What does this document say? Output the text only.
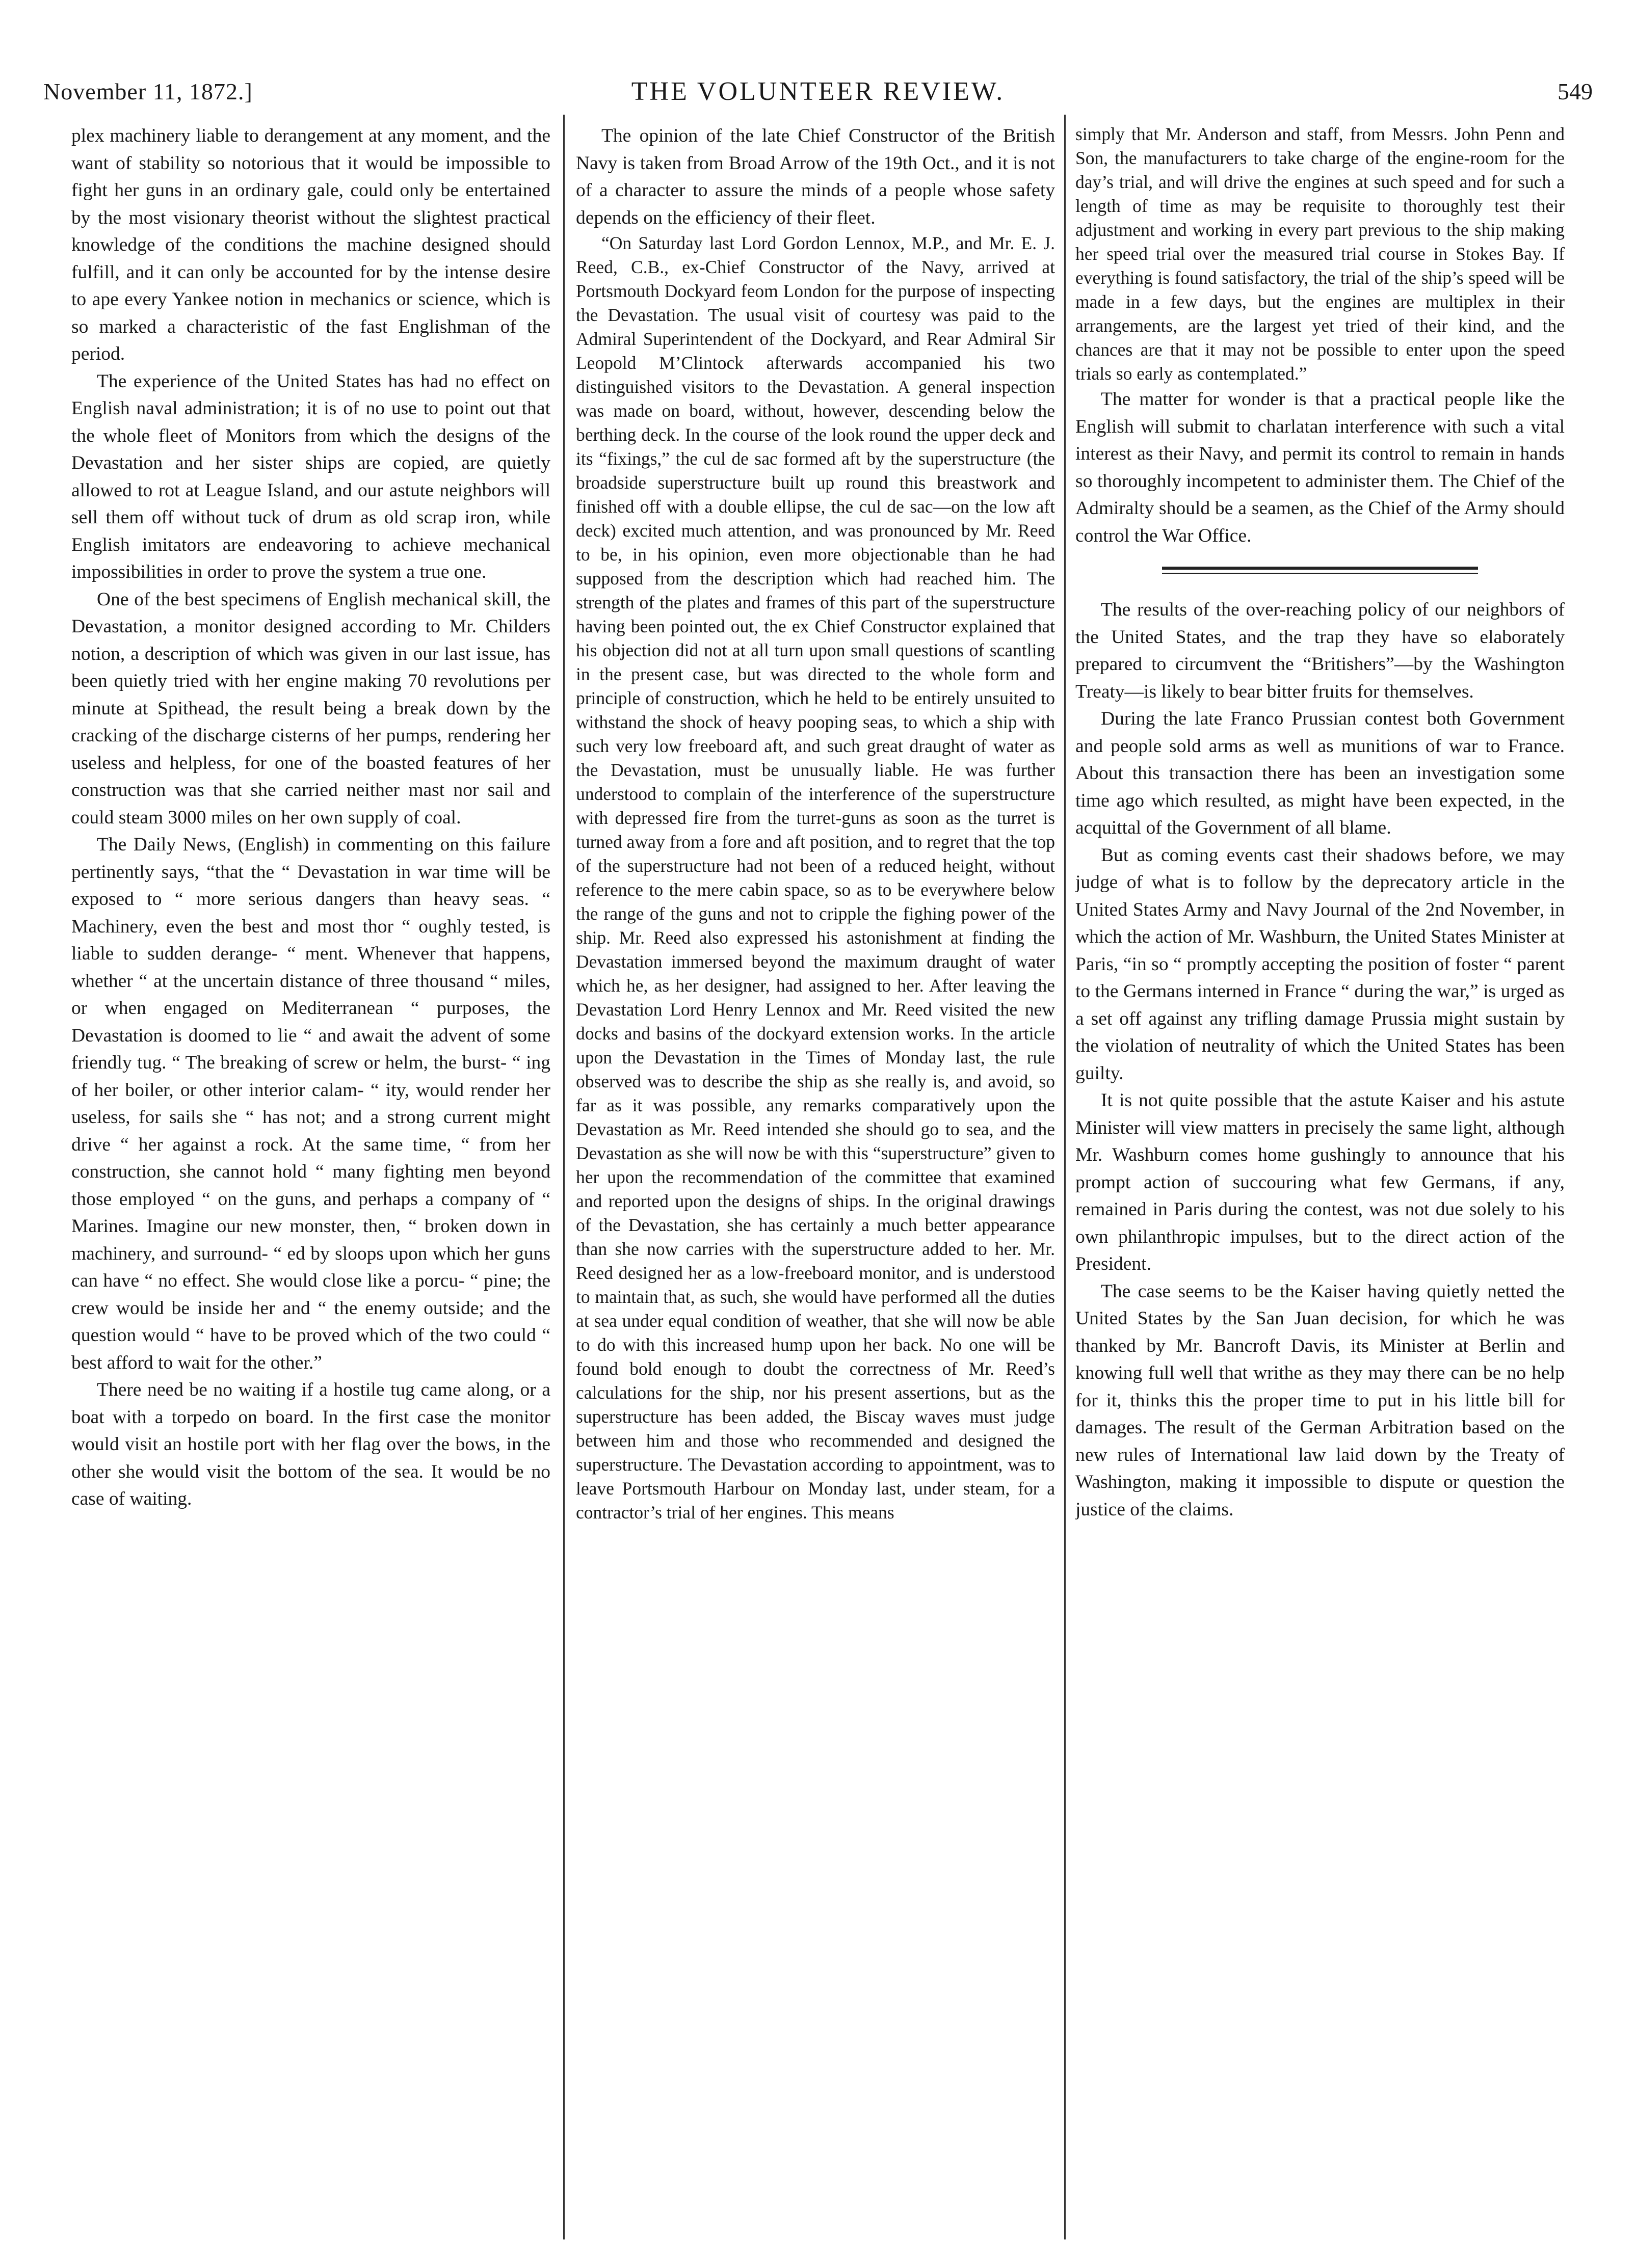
November 11, 1872.]	THE VOLUNTEER REVIEW.	549

plex machinery liable to derangement at any moment, and the want of stability so notorious that it would be impossible to fight her guns in an ordinary gale, could only be entertained by the most visionary theorist without the slightest practical knowledge of the conditions the machine designed should fulfill, and it can only be accounted for by the intense desire to ape every Yankee notion in mechanics or science, which is so marked a characteristic of the fast Englishman of the period.

The experience of the United States has had no effect on English naval administration; it is of no use to point out that the whole fleet of Monitors from which the designs of the Devastation and her sister ships are copied, are quietly allowed to rot at League Island, and our astute neighbors will sell them off without tuck of drum as old scrap iron, while English imitators are endeavoring to achieve mechanical impossibilities in order to prove the system a true one.

One of the best specimens of English mechanical skill, the Devastation, a monitor designed according to Mr. Childers notion, a description of which was given in our last issue, has been quietly tried with her engine making 70 revolutions per minute at Spithead, the result being a break down by the cracking of the discharge cisterns of her pumps, rendering her useless and helpless, for one of the boasted features of her construction was that she carried neither mast nor sail and could steam 3000 miles on her own supply of coal.

The Daily News, (English) in commenting on this failure pertinently says, “that the “ Devastation in war time will be exposed to “ more serious dangers than heavy seas. “ Machinery, even the best and most thor “ oughly tested, is liable to sudden derange- “ ment. Whenever that happens, whether “ at the uncertain distance of three thousand “ miles, or when engaged on Mediterranean “ purposes, the Devastation is doomed to lie “ and await the advent of some friendly tug. “ The breaking of screw or helm, the burst- “ ing of her boiler, or other interior calam- “ ity, would render her useless, for sails she “ has not; and a strong current might drive “ her against a rock. At the same time, “ from her construction, she cannot hold “ many fighting men beyond those employed “ on the guns, and perhaps a company of “ Marines. Imagine our new monster, then, “ broken down in machinery, and surround- “ ed by sloops upon which her guns can have “ no effect. She would close like a porcu- “ pine; the crew would be inside her and “ the enemy outside; and the question would “ have to be proved which of the two could “ best afford to wait for the other.”

There need be no waiting if a hostile tug came along, or a boat with a torpedo on board. In the first case the monitor would visit an hostile port with her flag over the bows, in the other she would visit the bottom of the sea. It would be no case of waiting.

The opinion of the late Chief Constructor of the British Navy is taken from Broad Arrow of the 19th Oct., and it is not of a character to assure the minds of a people whose safety depends on the efficiency of their fleet.

“On Saturday last Lord Gordon Lennox, M.P., and Mr. E. J. Reed, C.B., ex-Chief Constructor of the Navy, arrived at Portsmouth Dockyard feom London for the purpose of inspecting the Devastation. The usual visit of courtesy was paid to the Admiral Superintendent of the Dockyard, and Rear Admiral Sir Leopold M’Clintock afterwards accompanied his two distinguished visitors to the Devastation. A general inspection was made on board, without, however, descending below the berthing deck. In the course of the look round the upper deck and its “fixings,” the cul de sac formed aft by the superstructure (the broadside superstructure built up round this breastwork and finished off with a double ellipse, the cul de sac—on the low aft deck) excited much attention, and was pronounced by Mr. Reed to be, in his opinion, even more objectionable than he had supposed from the description which had reached him. The strength of the plates and frames of this part of the superstructure having been pointed out, the ex Chief Constructor explained that his objection did not at all turn upon small questions of scantling in the present case, but was directed to the whole form and principle of construction, which he held to be entirely unsuited to withstand the shock of heavy pooping seas, to which a ship with such very low freeboard aft, and such great draught of water as the Devastation, must be unusually liable. He was further understood to complain of the interference of the superstructure with depressed fire from the turret-guns as soon as the turret is turned away from a fore and aft position, and to regret that the top of the superstructure had not been of a reduced height, without reference to the mere cabin space, so as to be everywhere below the range of the guns and not to cripple the fighing power of the ship. Mr. Reed also expressed his astonishment at finding the Devastation immersed beyond the maximum draught of water which he, as her designer, had assigned to her. After leaving the Devastation Lord Henry Lennox and Mr. Reed visited the new docks and basins of the dockyard extension works. In the article upon the Devastation in the Times of Monday last, the rule observed was to describe the ship as she really is, and avoid, so far as it was possible, any remarks comparatively upon the Devastation as Mr. Reed intended she should go to sea, and the Devastation as she will now be with this “superstructure” given to her upon the recommendation of the committee that examined and reported upon the designs of ships. In the original drawings of the Devastation, she has certainly a much better appearance than she now carries with the superstructure added to her. Mr. Reed designed her as a low-freeboard monitor, and is understood to maintain that, as such, she would have performed all the duties at sea under equal condition of weather, that she will now be able to do with this increased hump upon her back. No one will be found bold enough to doubt the correctness of Mr. Reed’s calculations for the ship, nor his present assertions, but as the superstructure has been added, the Biscay waves must judge between him and those who recommended and designed the superstructure. The Devastation according to appointment, was to leave Portsmouth Harbour on Monday last, under steam, for a contractor’s trial of her engines. This means

simply that Mr. Anderson and staff, from Messrs. John Penn and Son, the manufacturers to take charge of the engine-room for the day’s trial, and will drive the engines at such speed and for such a length of time as may be requisite to thoroughly test their adjustment and working in every part previous to the ship making her speed trial over the measured trial course in Stokes Bay. If everything is found satisfactory, the trial of the ship’s speed will be made in a few days, but the engines are multiplex in their arrangements, are the largest yet tried of their kind, and the chances are that it may not be possible to enter upon the speed trials so early as contemplated.”

The matter for wonder is that a practical people like the English will submit to charlatan interference with such a vital interest as their Navy, and permit its control to remain in hands so thoroughly incompetent to administer them. The Chief of the Admiralty should be a seamen, as the Chief of the Army should control the War Office.

The results of the over-reaching policy of our neighbors of the United States, and the trap they have so elaborately prepared to circumvent the “Britishers”—by the Washington Treaty—is likely to bear bitter fruits for themselves.

During the late Franco Prussian contest both Government and people sold arms as well as munitions of war to France. About this transaction there has been an investigation some time ago which resulted, as might have been expected, in the acquittal of the Government of all blame.

But as coming events cast their shadows before, we may judge of what is to follow by the deprecatory article in the United States Army and Navy Journal of the 2nd November, in which the action of Mr. Washburn, the United States Minister at Paris, “in so “ promptly accepting the position of foster “ parent to the Germans interned in France “ during the war,” is urged as a set off against any trifling damage Prussia might sustain by the violation of neutrality of which the United States has been guilty.

It is not quite possible that the astute Kaiser and his astute Minister will view matters in precisely the same light, although Mr. Washburn comes home gushingly to announce that his prompt action of succouring what few Germans, if any, remained in Paris during the contest, was not due solely to his own philanthropic impulses, but to the direct action of the President.

The case seems to be the Kaiser having quietly netted the United States by the San Juan decision, for which he was thanked by Mr. Bancroft Davis, its Minister at Berlin and knowing full well that writhe as they may there can be no help for it, thinks this the proper time to put in his little bill for damages. The result of the German Arbitration based on the new rules of International law laid down by the Treaty of Washington, making it impossible to dispute or question the justice of the claims.
